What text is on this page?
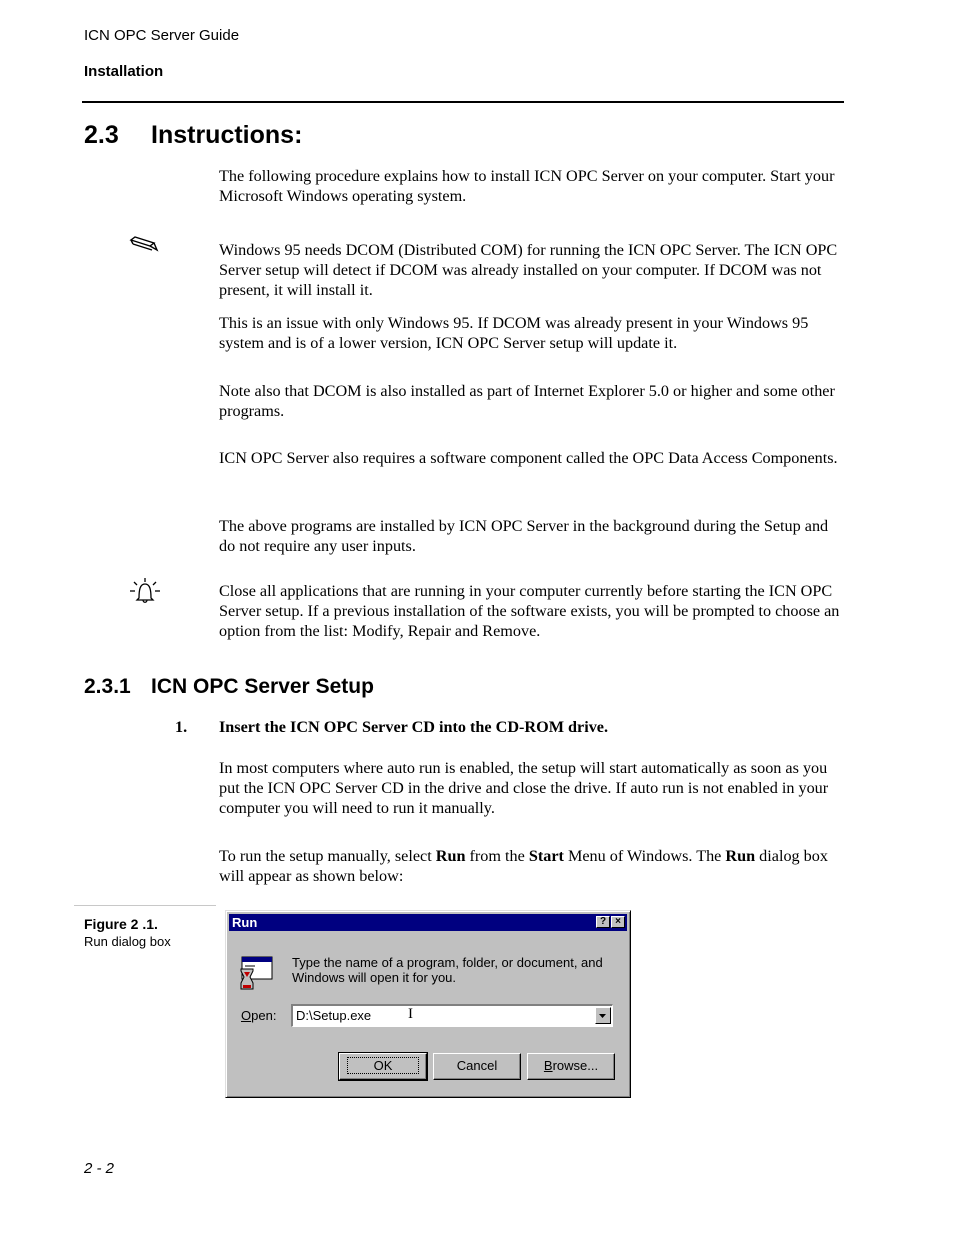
ICN OPC Server Guide
Installation
2.3 Instructions:

The following procedure explains how to install ICN OPC Server on your computer. Start your Microsoft Windows operating system.

Windows 95 needs DCOM (Distributed COM) for running the ICN OPC Server. The ICN OPC Server setup will detect if DCOM was already installed on your computer. If DCOM was not present, it will install it.

This is an issue with only Windows 95. If DCOM was already present in your Windows 95 system and is of a lower version, ICN OPC Server setup will update it.

Note also that DCOM is also installed as part of Internet Explorer 5.0 or higher and some other programs.

ICN OPC Server also requires a software component called the OPC Data Access Components.

The above programs are installed by ICN OPC Server in the background during the Setup and do not require any user inputs.

Close all applications that are running in your computer currently before starting the ICN OPC Server setup. If a previous installation of the software exists, you will be prompted to choose an option from the list: Modify, Repair and Remove.

2.3.1 ICN OPC Server Setup
1. Insert the ICN OPC Server CD into the CD-ROM drive.

In most computers where auto run is enabled, the setup will start automatically as soon as you put the ICN OPC Server CD in the drive and close the drive. If auto run is not enabled in your computer you will need to run it manually.

To run the setup manually, select Run from the Start Menu of Windows. The Run dialog box will appear as shown below:

Figure 2 .1.
Run dialog box
Run	? ×
Type the name of a program, folder, or document, and Windows will open it for you.
Open: D:\Setup.exe I
OK	Cancel	Browse...
2 - 2
